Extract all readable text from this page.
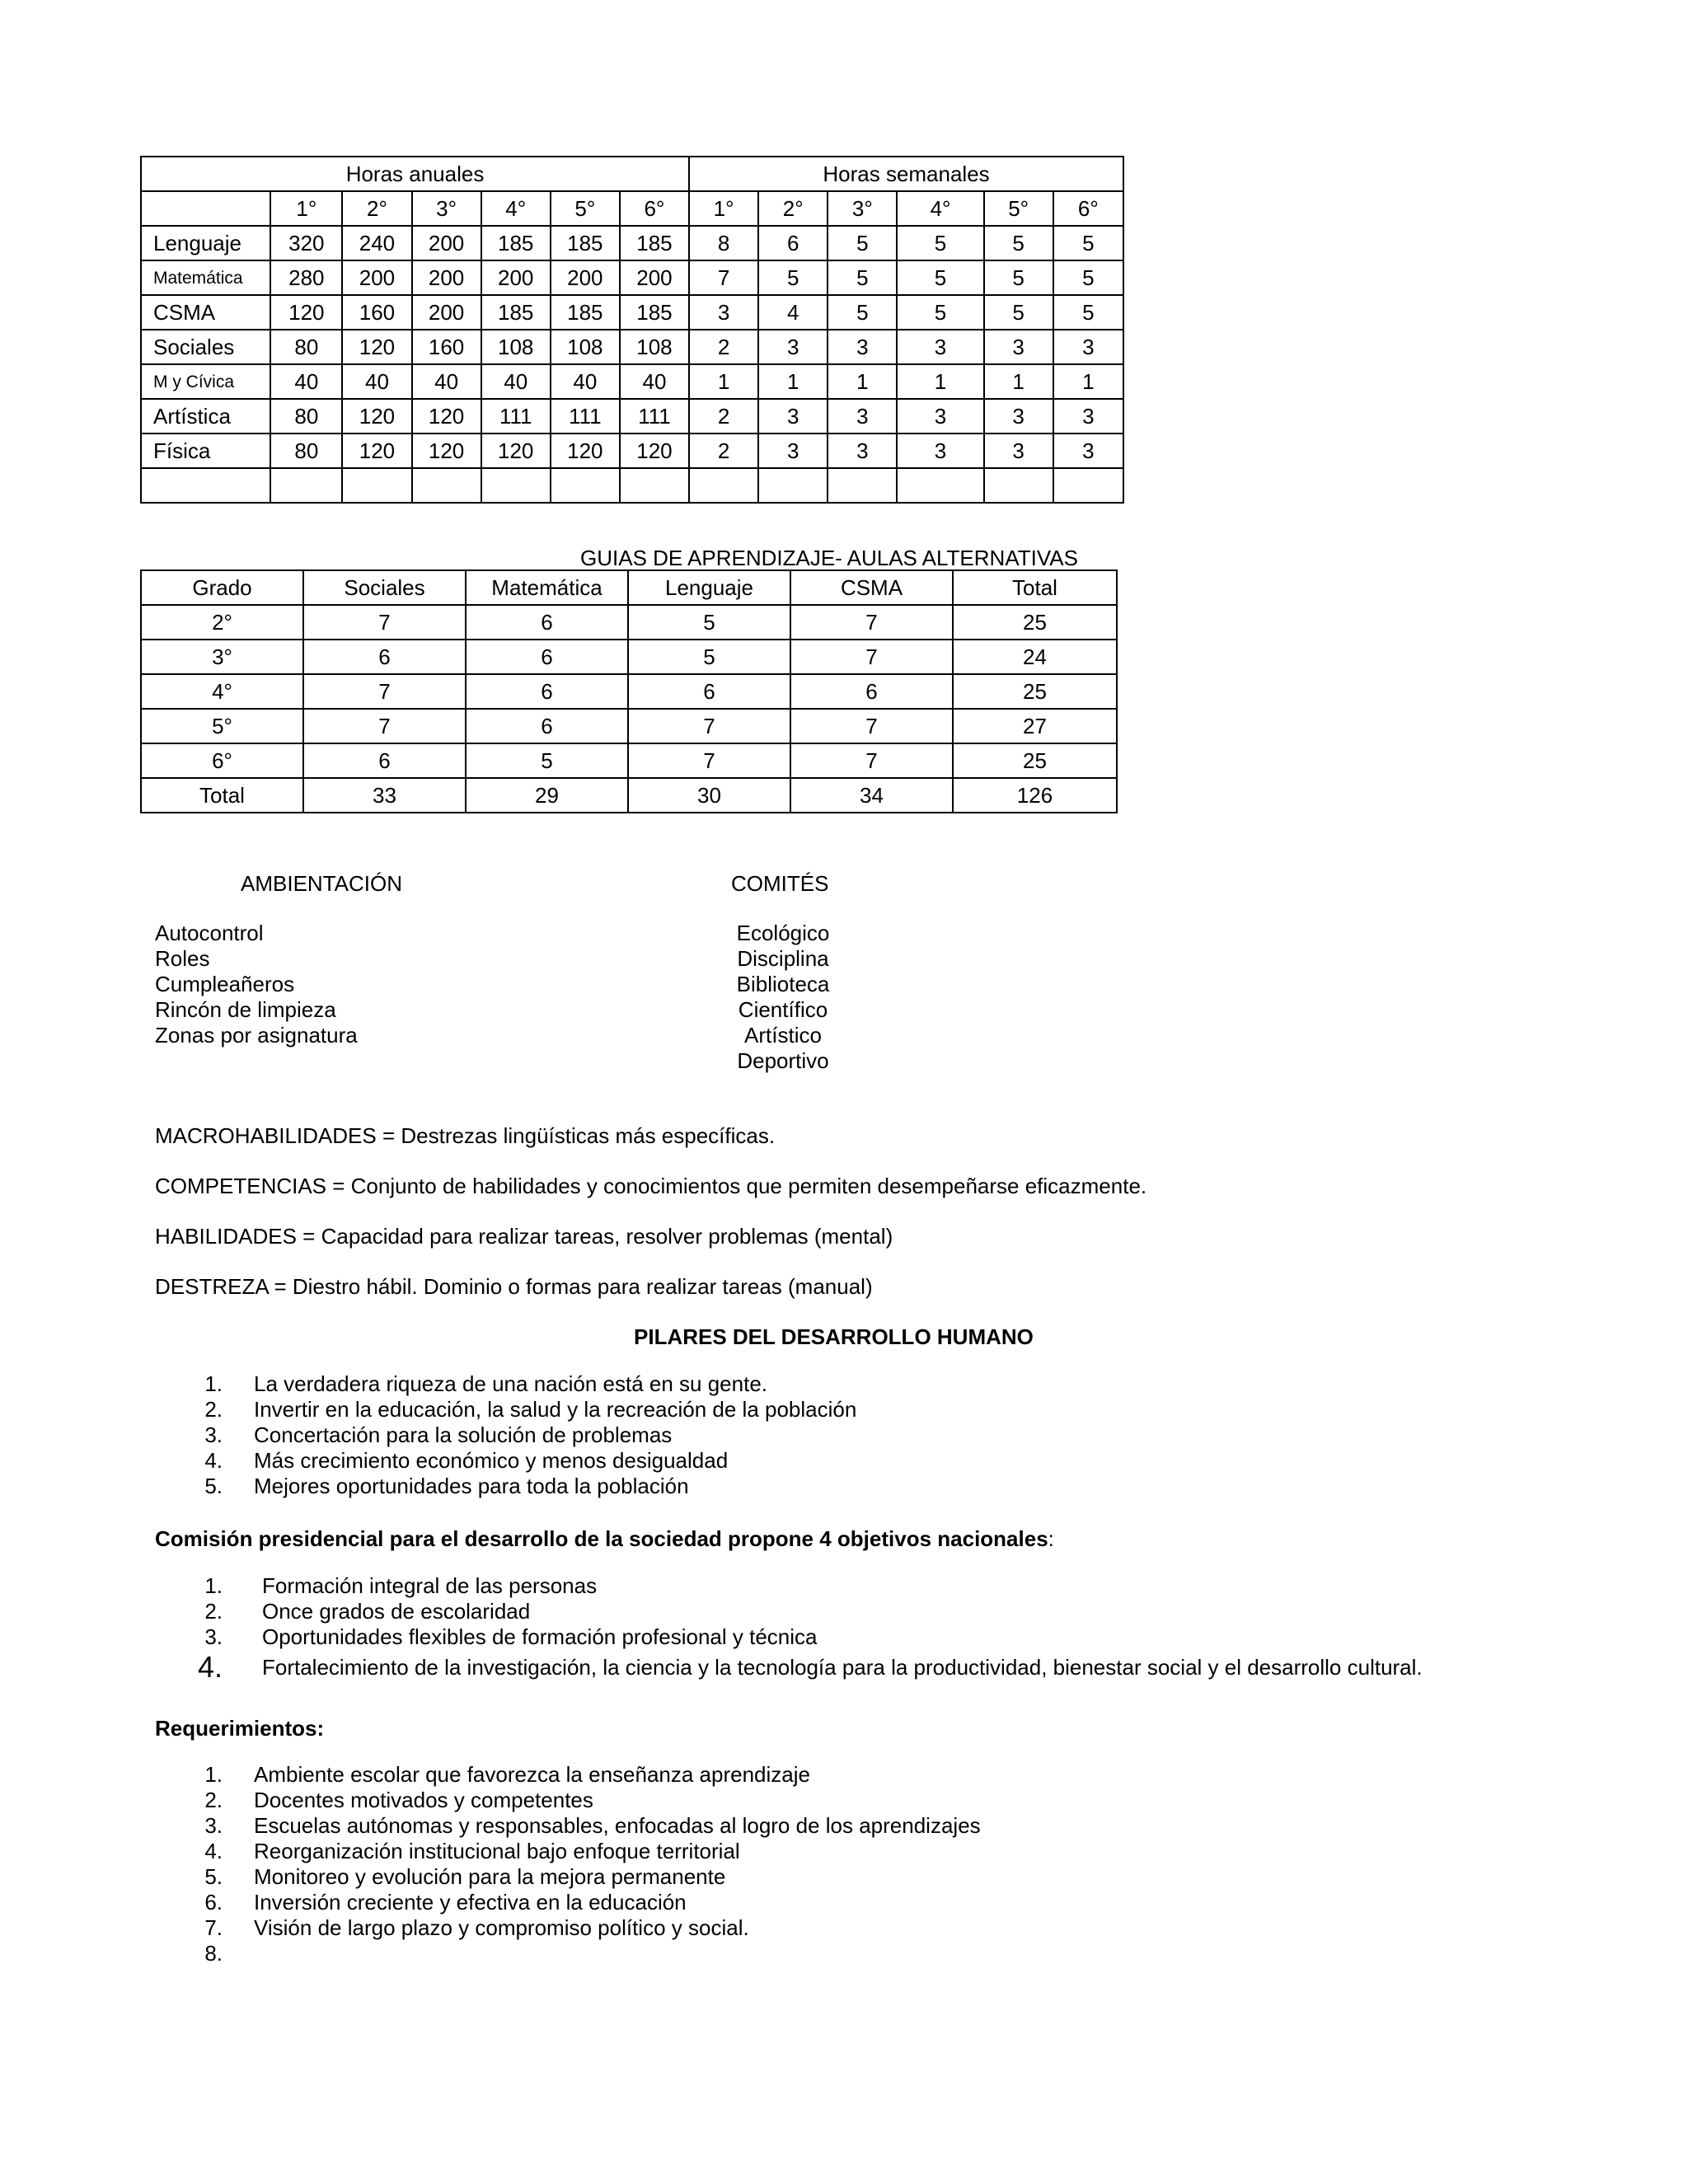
Horas anuales							Horas semanales					
	1°	2°	3°	4°	5°	6°	1°	2°	3°	4°	5°	6°
Lenguaje	320	240	200	185	185	185	8	6	5	5	5	5
Matemática	280	200	200	200	200	200	7	5	5	5	5	5
CSMA	120	160	200	185	185	185	3	4	5	5	5	5
Sociales	80	120	160	108	108	108	2	3	3	3	3	3
M y Cívica	40	40	40	40	40	40	1	1	1	1	1	1
Artística	80	120	120	111	111	111	2	3	3	3	3	3
Física	80	120	120	120	120	120	2	3	3	3	3	3

GUIAS DE APRENDIZAJE- AULAS ALTERNATIVAS
Grado	Sociales	Matemática	Lenguaje	CSMA	Total
2°	7	6	5	7	25
3°	6	6	5	7	24
4°	7	6	6	6	25
5°	7	6	7	7	27
6°	6	5	7	7	25
Total	33	29	30	34	126
AMBIENTACIÓN	COMITÉS
Autocontrol
Roles
Cumpleañeros
Rincón de limpieza
Zonas por asignatura
Ecológico
Disciplina
Biblioteca
Científico
Artístico
Deportivo
MACROHABILIDADES = Destrezas lingüísticas más específicas.
COMPETENCIAS = Conjunto de habilidades y conocimientos que permiten desempeñarse eficazmente.
HABILIDADES = Capacidad para realizar tareas, resolver problemas (mental)
DESTREZA = Diestro hábil. Dominio o formas para realizar tareas (manual)
PILARES DEL DESARROLLO HUMANO
1. La verdadera riqueza de una nación está en su gente.
2. Invertir en la educación, la salud y la recreación de la población
3. Concertación para la solución de problemas
4. Más crecimiento económico y menos desigualdad
5. Mejores oportunidades para toda la población
Comisión presidencial para el desarrollo de la sociedad propone 4 objetivos nacionales:
1. Formación integral de las personas
2. Once grados de escolaridad
3. Oportunidades flexibles de formación profesional y técnica
4. Fortalecimiento de la investigación, la ciencia y la tecnología para la productividad, bienestar social y el desarrollo cultural.
Requerimientos:
1. Ambiente escolar que favorezca la enseñanza aprendizaje
2. Docentes motivados y competentes
3. Escuelas autónomas y responsables, enfocadas al logro de los aprendizajes
4. Reorganización institucional bajo enfoque territorial
5. Monitoreo y evolución para la mejora permanente
6. Inversión creciente y efectiva en la educación
7. Visión de largo plazo y compromiso político y social.
8.
